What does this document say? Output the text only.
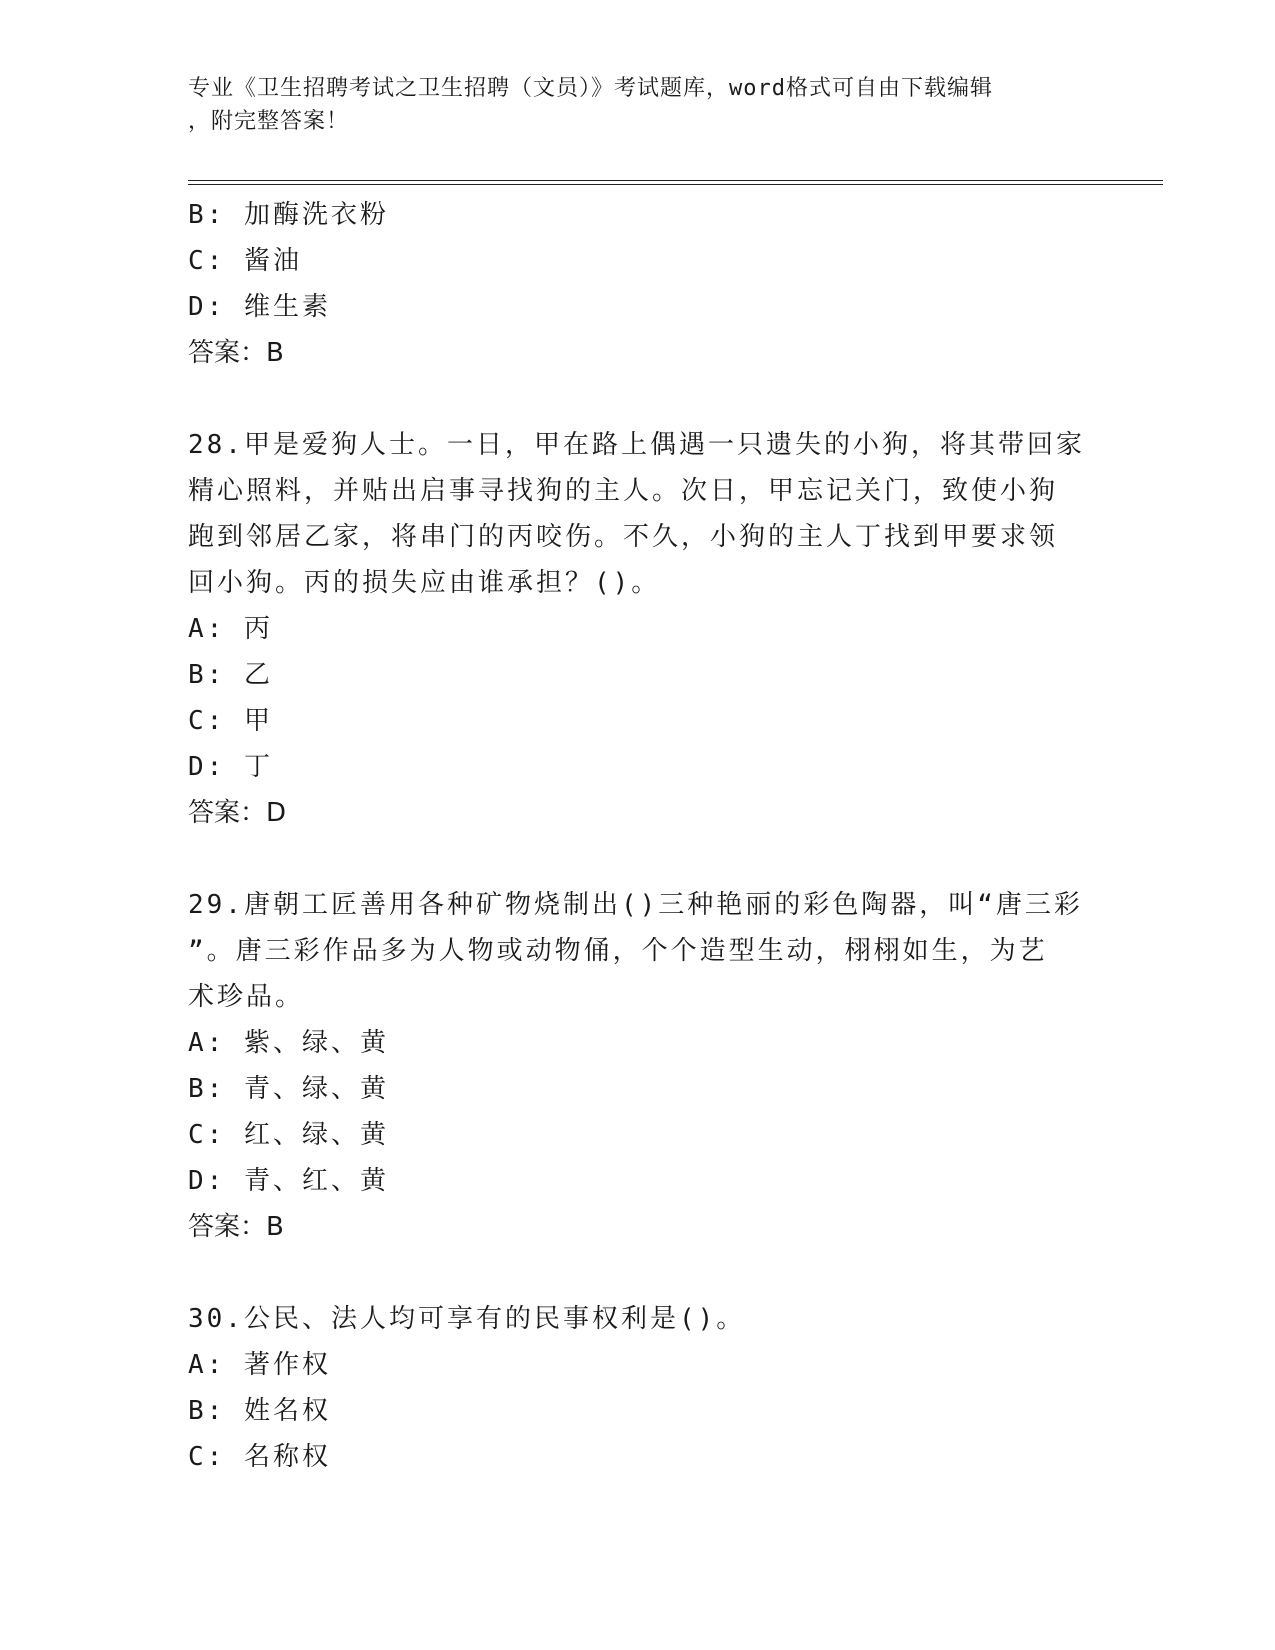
专业《卫生招聘考试之卫生招聘（文员）》考试题库，word格式可自由下载编辑
，附完整答案！
B: 加酶洗衣粉
C: 酱油
D: 维生素
答案：B
28.甲是爱狗人士。一日，甲在路上偶遇一只遗失的小狗，将其带回家
精心照料，并贴出启事寻找狗的主人。次日，甲忘记关门，致使小狗
跑到邻居乙家，将串门的丙咬伤。不久，小狗的主人丁找到甲要求领
回小狗。丙的损失应由谁承担？()。
A: 丙
B: 乙
C: 甲
D: 丁
答案：D
29.唐朝工匠善用各种矿物烧制出()三种艳丽的彩色陶器，叫“唐三彩
”。唐三彩作品多为人物或动物俑，个个造型生动，栩栩如生，为艺
术珍品。
A: 紫、绿、黄
B: 青、绿、黄
C: 红、绿、黄
D: 青、红、黄
答案：B
30.公民、法人均可享有的民事权利是()。
A: 著作权
B: 姓名权
C: 名称权
